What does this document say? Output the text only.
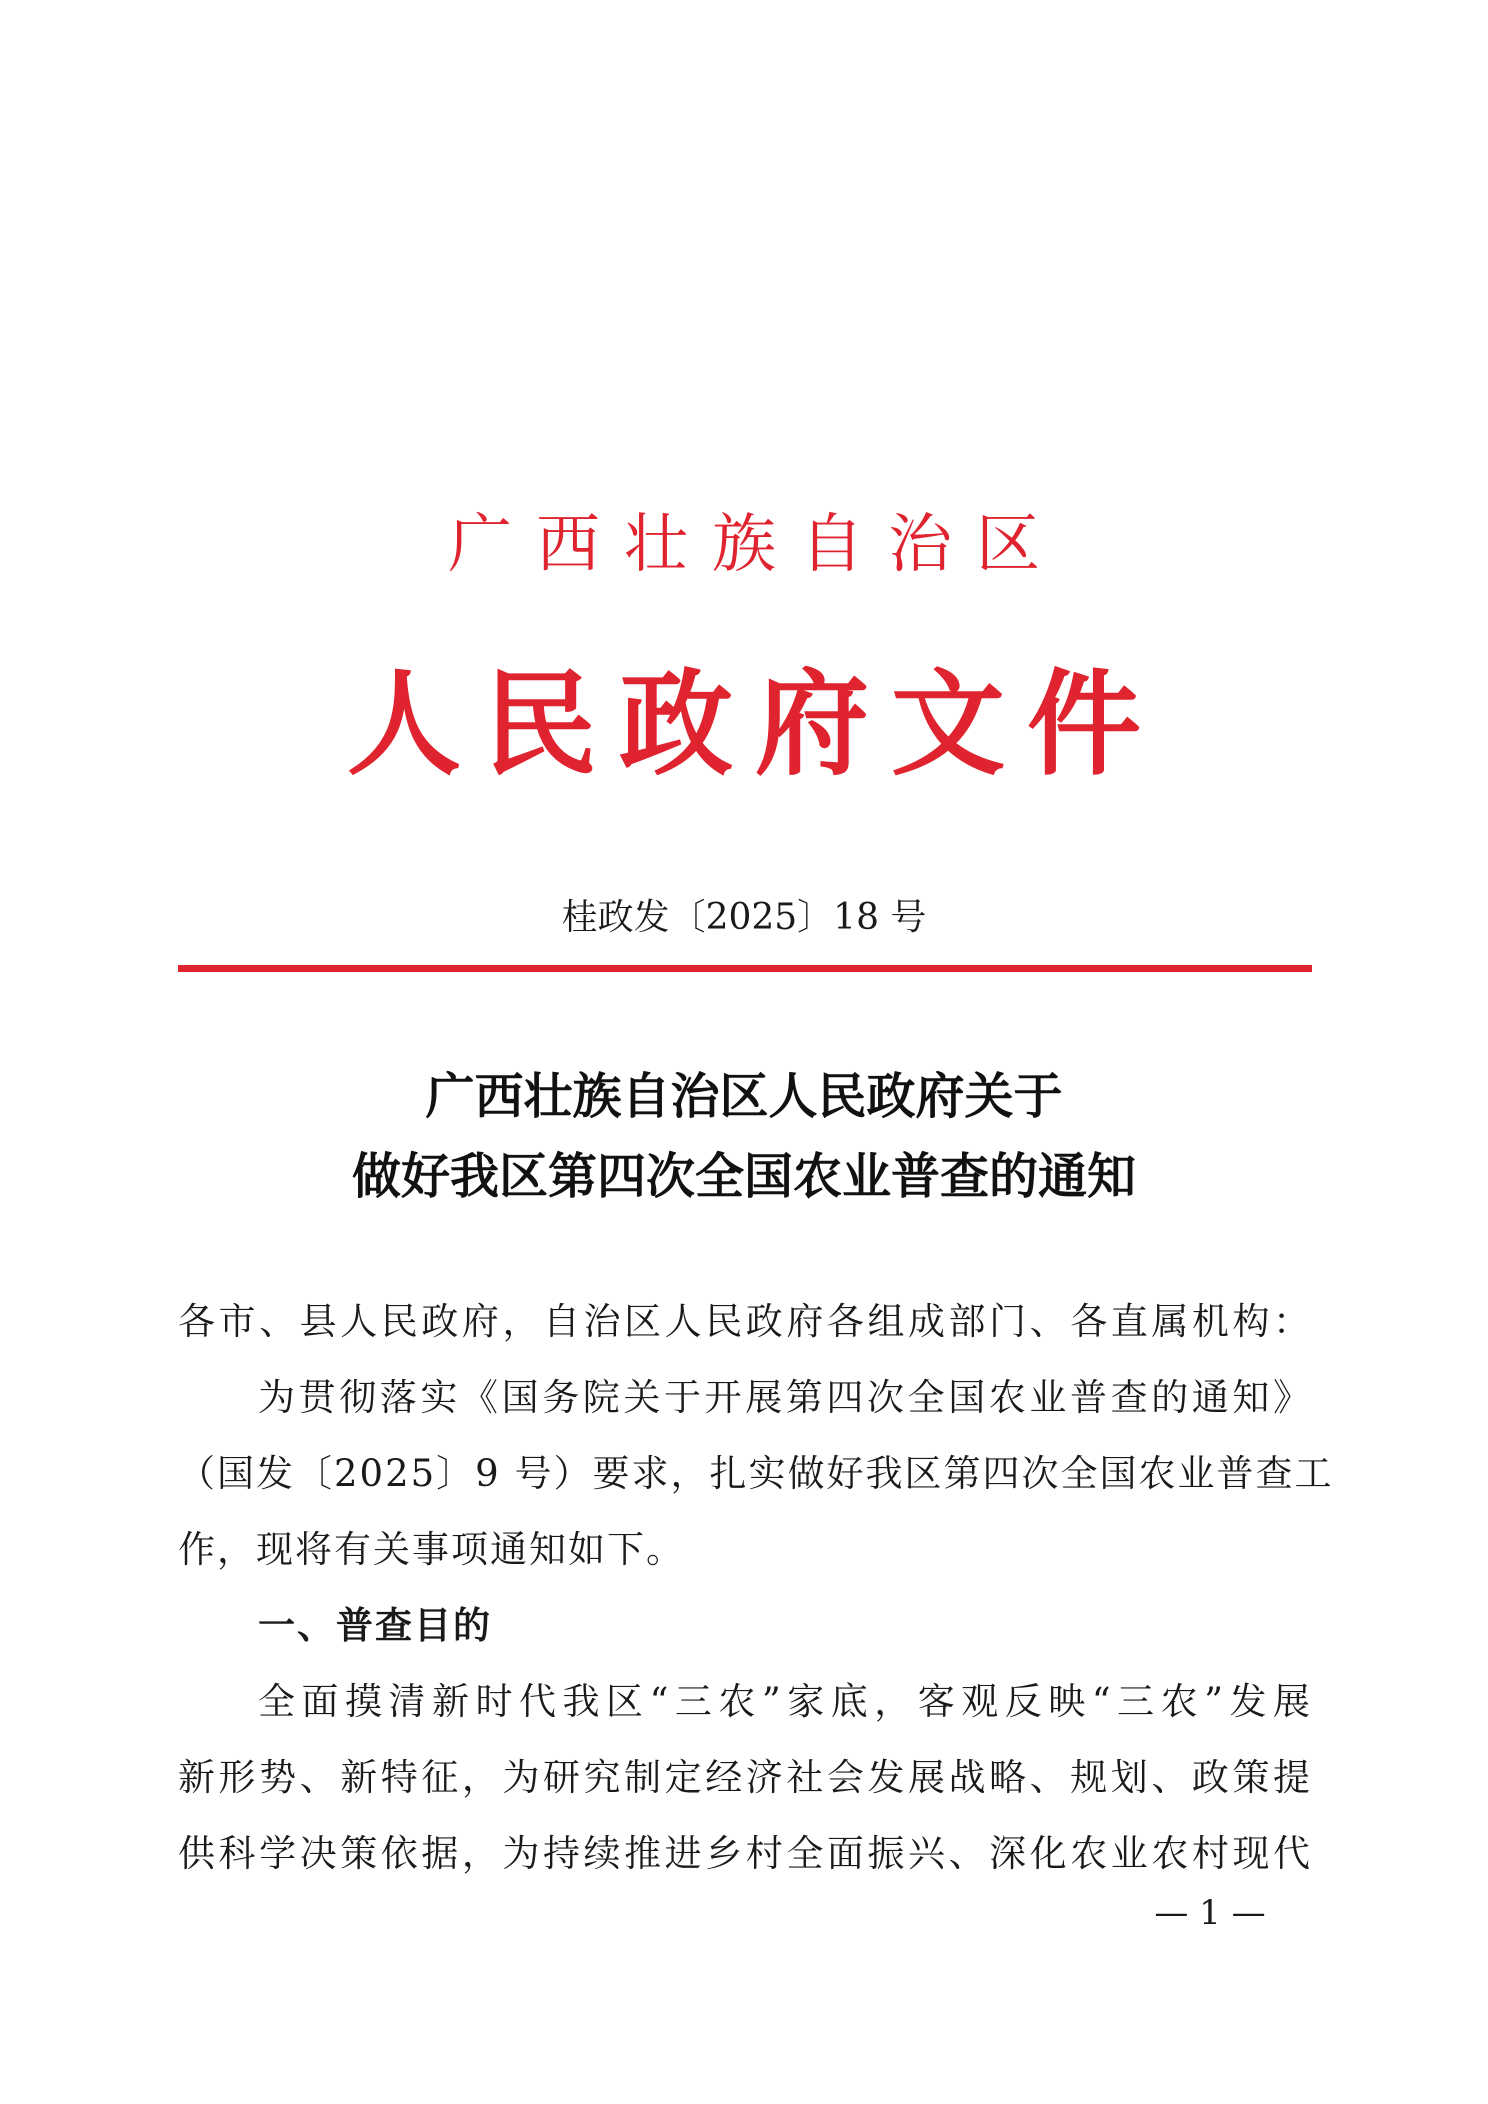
广西壮族自治区
人民政府文件
桂政发〔2025〕18 号
广西壮族自治区人民政府关于
做好我区第四次全国农业普查的通知
各市、县人民政府，自治区人民政府各组成部门、各直属机构：
为贯彻落实《国务院关于开展第四次全国农业普查的通知》
（国发〔2025〕9 号）要求，扎实做好我区第四次全国农业普查工
作，现将有关事项通知如下。
一、普查目的
全面摸清新时代我区“三农”家底，客观反映“三农”发展
新形势、新特征，为研究制定经济社会发展战略、规划、政策提
供科学决策依据，为持续推进乡村全面振兴、深化农业农村现代
— 1 —
